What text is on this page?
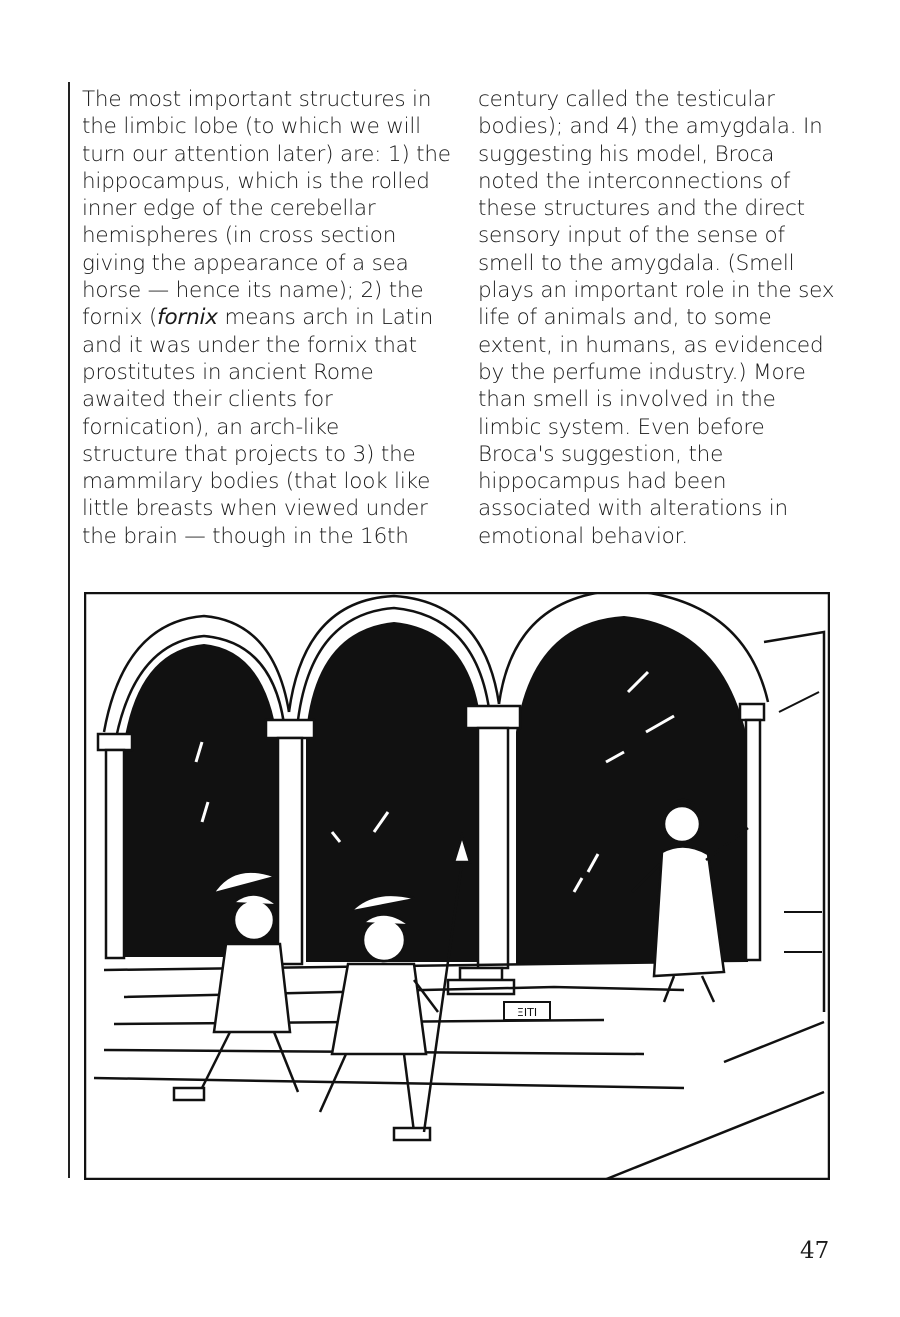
The most important structures in
the limbic lobe (to which we will
turn our attention later) are: 1) the
hippocampus, which is the rolled
inner edge of the cerebellar
hemispheres (in cross section
giving the appearance of a sea
horse — hence its name); 2) the
fornix (fornix means arch in Latin
and it was under the fornix that
prostitutes in ancient Rome
awaited their clients for
fornication), an arch-like
structure that projects to 3) the
mammilary bodies (that look like
little breasts when viewed under
the brain — though in the 16th
century called the testicular
bodies); and 4) the amygdala. In
suggesting his model, Broca
noted the interconnections of
these structures and the direct
sensory input of the sense of
smell to the amygdala. (Smell
plays an important role in the sex
life of animals and, to some
extent, in humans, as evidenced
by the perfume industry.) More
than smell is involved in the
limbic system. Even before
Broca's suggestion, the
hippocampus had been
associated with alterations in
emotional behavior.
ΞΙΤΙ
47
